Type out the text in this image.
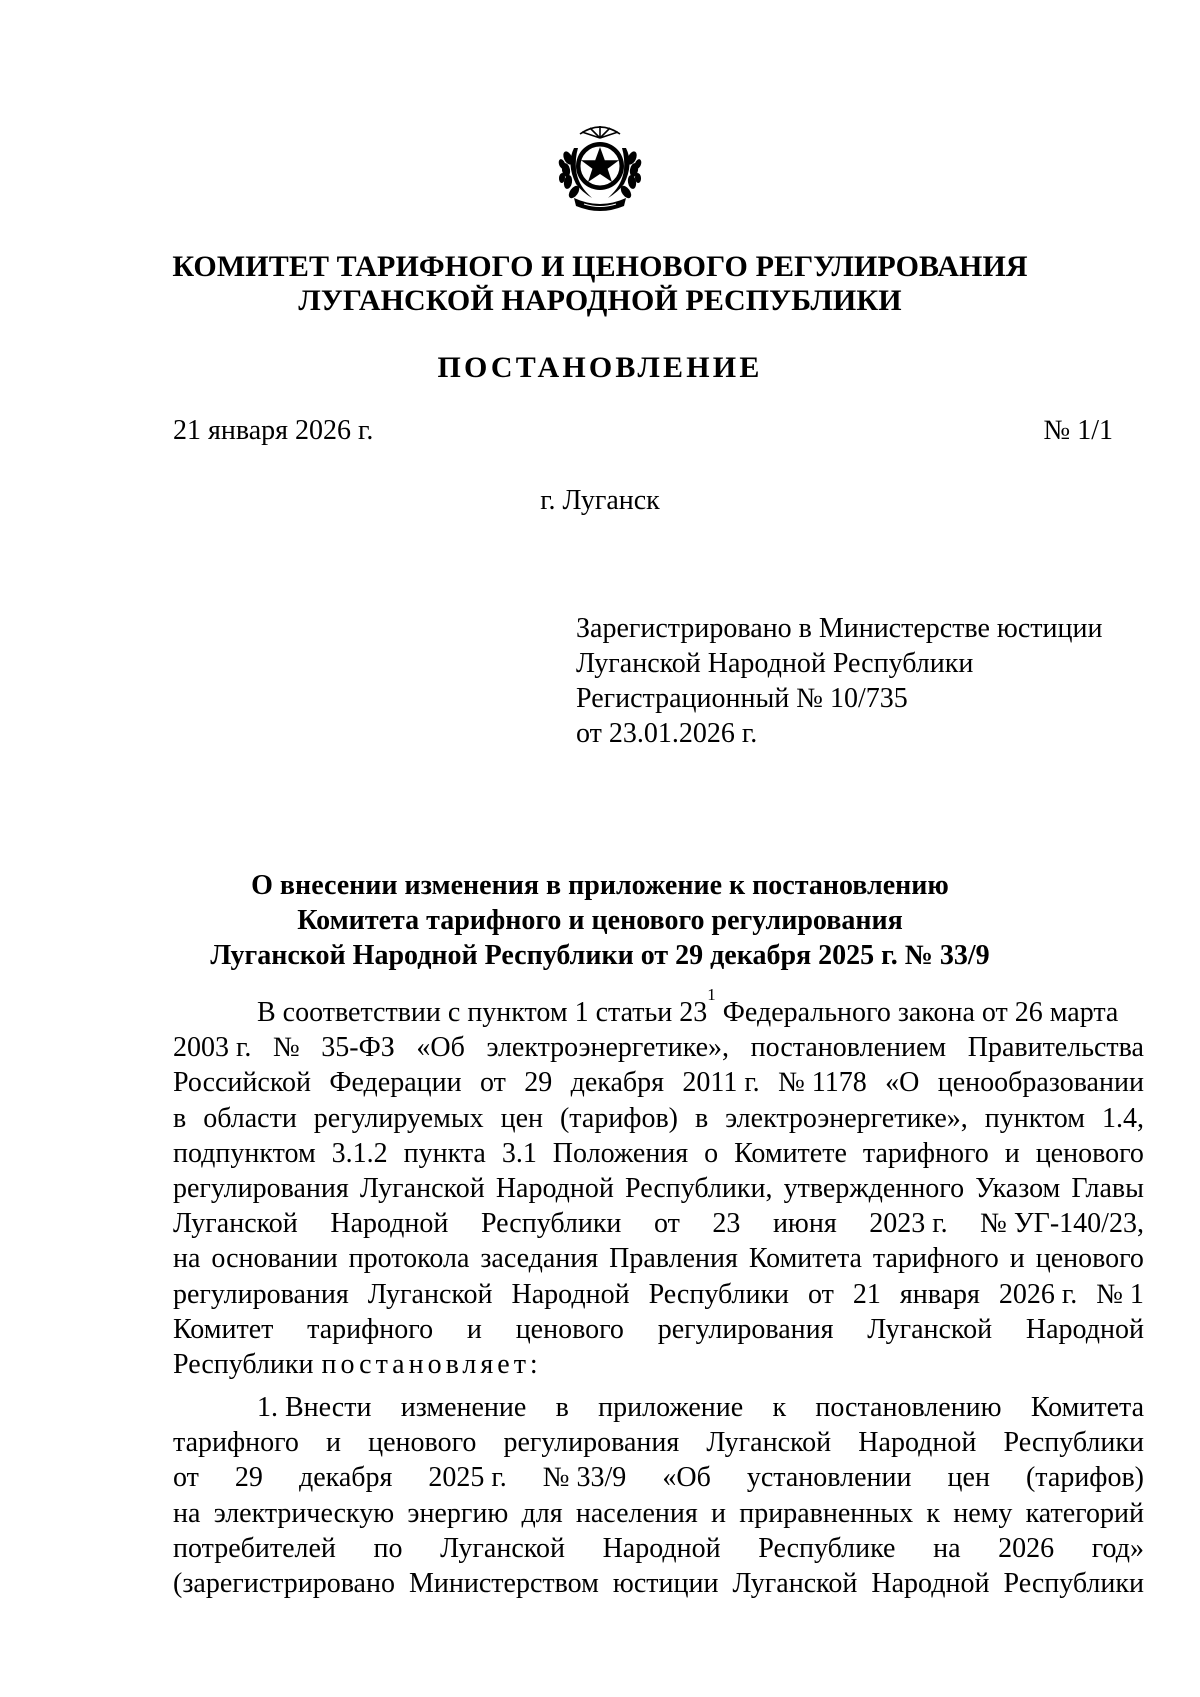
КОМИТЕТ ТАРИФНОГО И ЦЕНОВОГО РЕГУЛИРОВАНИЯ
ЛУГАНСКОЙ НАРОДНОЙ РЕСПУБЛИКИ
ПОСТАНОВЛЕНИЕ
21 января 2026 г.	№ 1/1
г. Луганск
Зарегистрировано в Министерстве юстиции
Луганской Народной Республики
Регистрационный № 10/735
от 23.01.2026 г.
О внесении изменения в приложение к постановлению
Комитета тарифного и ценового регулирования
Луганской Народной Республики от 29 декабря 2025 г. № 33/9
В соответствии с пунктом 1 статьи 23
1
Федерального закона от 26 марта
2003 г. № 35-ФЗ «Об электроэнергетике», постановлением Правительства
Российской Федерации от 29 декабря 2011 г. № 1178 «О ценообразовании
в области регулируемых цен (тарифов) в электроэнергетике», пунктом 1.4,
подпунктом 3.1.2 пункта 3.1 Положения о Комитете тарифного и ценового
регулирования Луганской Народной Республики, утвержденного Указом Главы
Луганской Народной Республики от 23 июня 2023 г. № УГ-140/23,
на основании протокола заседания Правления Комитета тарифного и ценового
регулирования Луганской Народной Республики от 21 января 2026 г. № 1
Комитет тарифного и ценового регулирования Луганской Народной
Республики постановляет:
1. Внести изменение в приложение к постановлению Комитета
тарифного и ценового регулирования Луганской Народной Республики
от 29 декабря 2025 г. № 33/9 «Об установлении цен (тарифов)
на электрическую энергию для населения и приравненных к нему категорий
потребителей по Луганской Народной Республике на 2026 год»
(зарегистрировано Министерством юстиции Луганской Народной Республики
